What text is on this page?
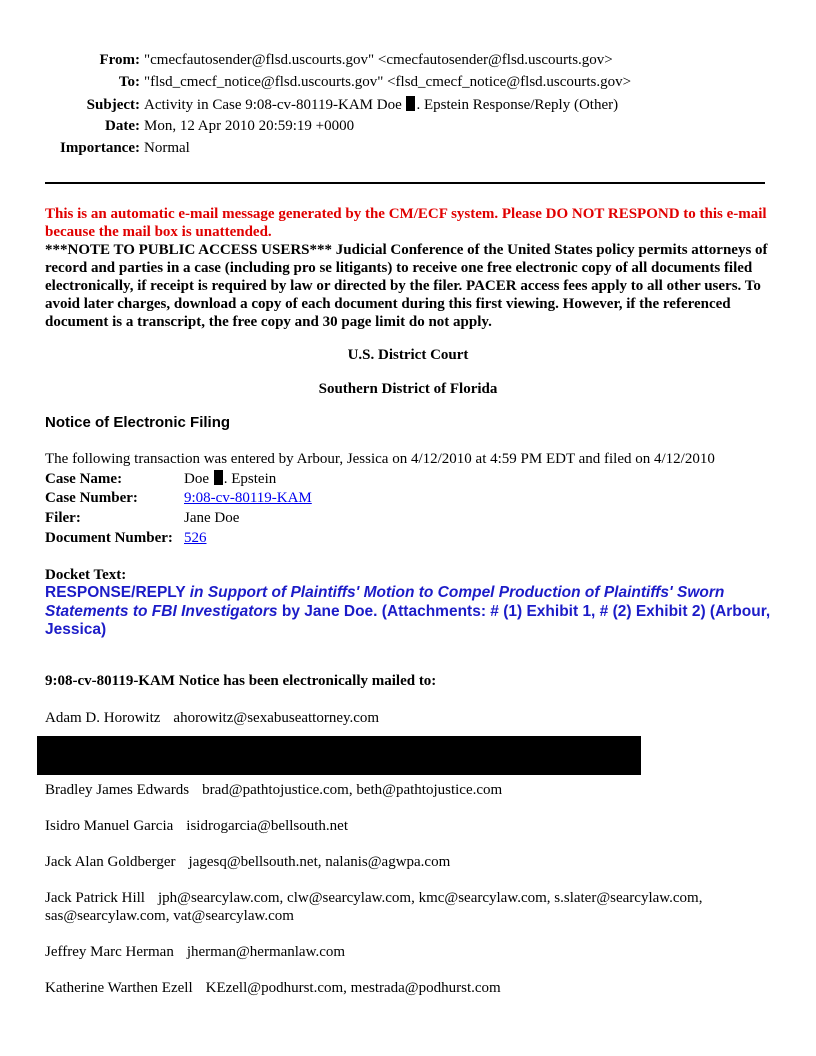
From: "cmecfautosender@flsd.uscourts.gov" <cmecfautosender@flsd.uscourts.gov>
To: "flsd_cmecf_notice@flsd.uscourts.gov" <flsd_cmecf_notice@flsd.uscourts.gov>
Subject: Activity in Case 9:08-cv-80119-KAM Doe . Epstein Response/Reply (Other)
Date: Mon, 12 Apr 2010 20:59:19 +0000
Importance: Normal
This is an automatic e-mail message generated by the CM/ECF system. Please DO NOT RESPOND to this e-mail because the mail box is unattended.
***NOTE TO PUBLIC ACCESS USERS*** Judicial Conference of the United States policy permits attorneys of record and parties in a case (including pro se litigants) to receive one free electronic copy of all documents filed electronically, if receipt is required by law or directed by the filer. PACER access fees apply to all other users. To avoid later charges, download a copy of each document during this first viewing. However, if the referenced document is a transcript, the free copy and 30 page limit do not apply.
U.S. District Court
Southern District of Florida
Notice of Electronic Filing
The following transaction was entered by Arbour, Jessica on 4/12/2010 at 4:59 PM EDT and filed on 4/12/2010
Case Name:	Doe . Epstein
Case Number:	9:08-cv-80119-KAM
Filer:	Jane Doe
Document Number: 526
Docket Text:
RESPONSE/REPLY in Support of Plaintiffs' Motion to Compel Production of Plaintiffs' Sworn Statements to FBI Investigators by Jane Doe. (Attachments: # (1) Exhibit 1, # (2) Exhibit 2) (Arbour, Jessica)
9:08-cv-80119-KAM Notice has been electronically mailed to:
Adam D. Horowitz ahorowitz@sexabuseattorney.com
Bradley James Edwards brad@pathtojustice.com, beth@pathtojustice.com
Isidro Manuel Garcia isidrogarcia@bellsouth.net
Jack Alan Goldberger jagesq@bellsouth.net, nalanis@agwpa.com
Jack Patrick Hill jph@searcylaw.com, clw@searcylaw.com, kmc@searcylaw.com, s.slater@searcylaw.com, sas@searcylaw.com, vat@searcylaw.com
Jeffrey Marc Herman jherman@hermanlaw.com
Katherine Warthen Ezell KEzell@podhurst.com, mestrada@podhurst.com
